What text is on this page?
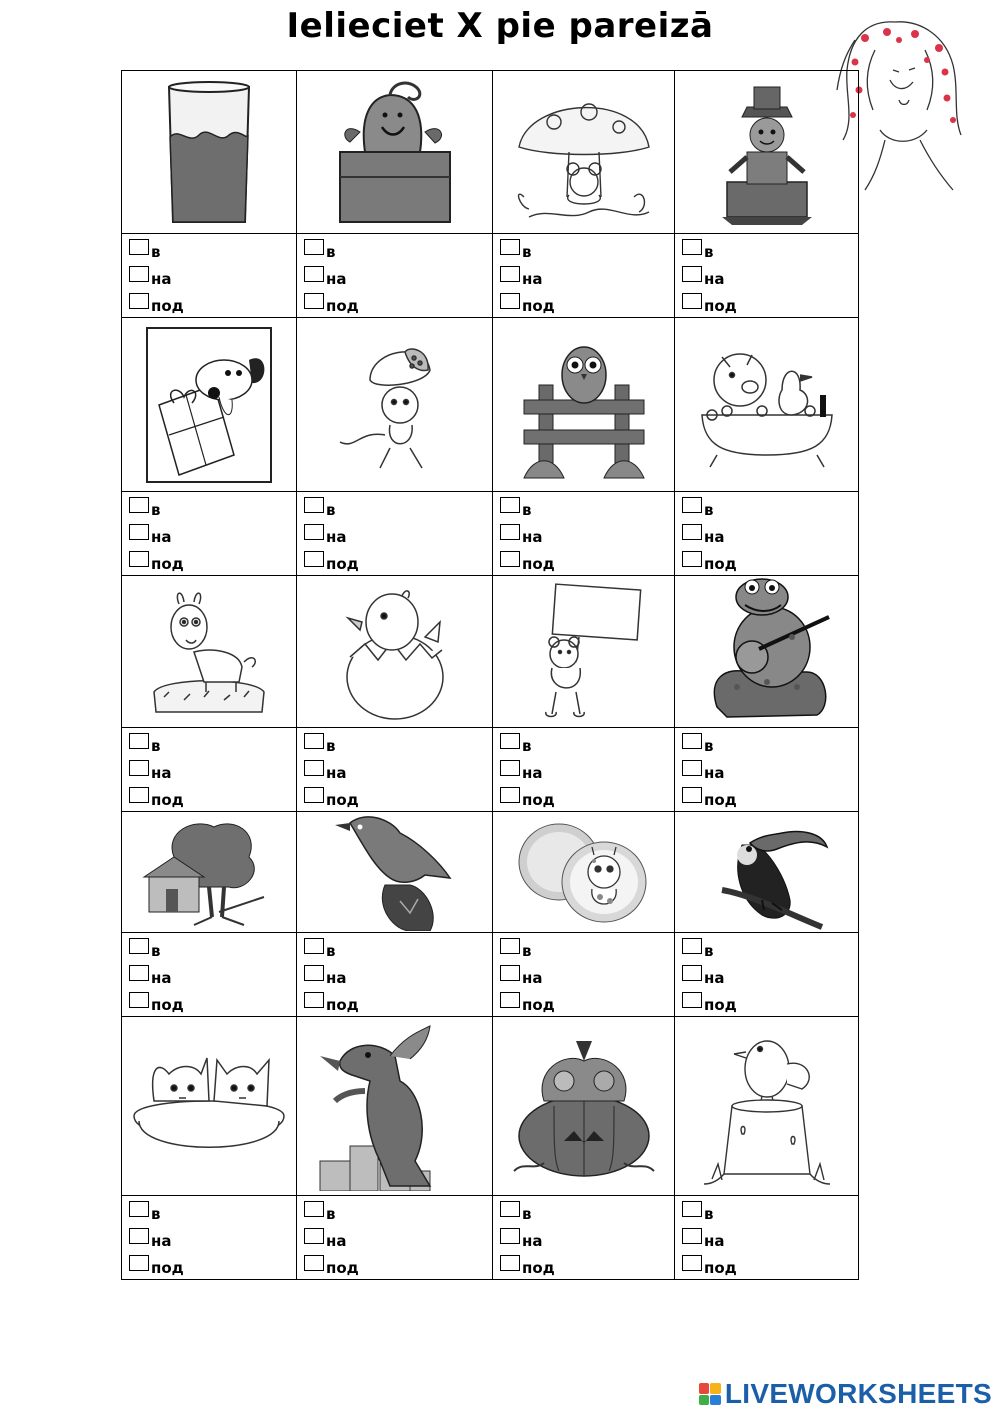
Ielieciet X pie pareizā
в
на
под
в
на
под
в
на
под
в
на
под
в
на
под
в
на
под
в
на
под
в
на
под
в
на
под
в
на
под
в
на
под
в
на
под
в
на
под
в
на
под
в
на
под
в
на
под
в
на
под
в
на
под
в
на
под
в
на
под
LIVEWORKSHEETS
